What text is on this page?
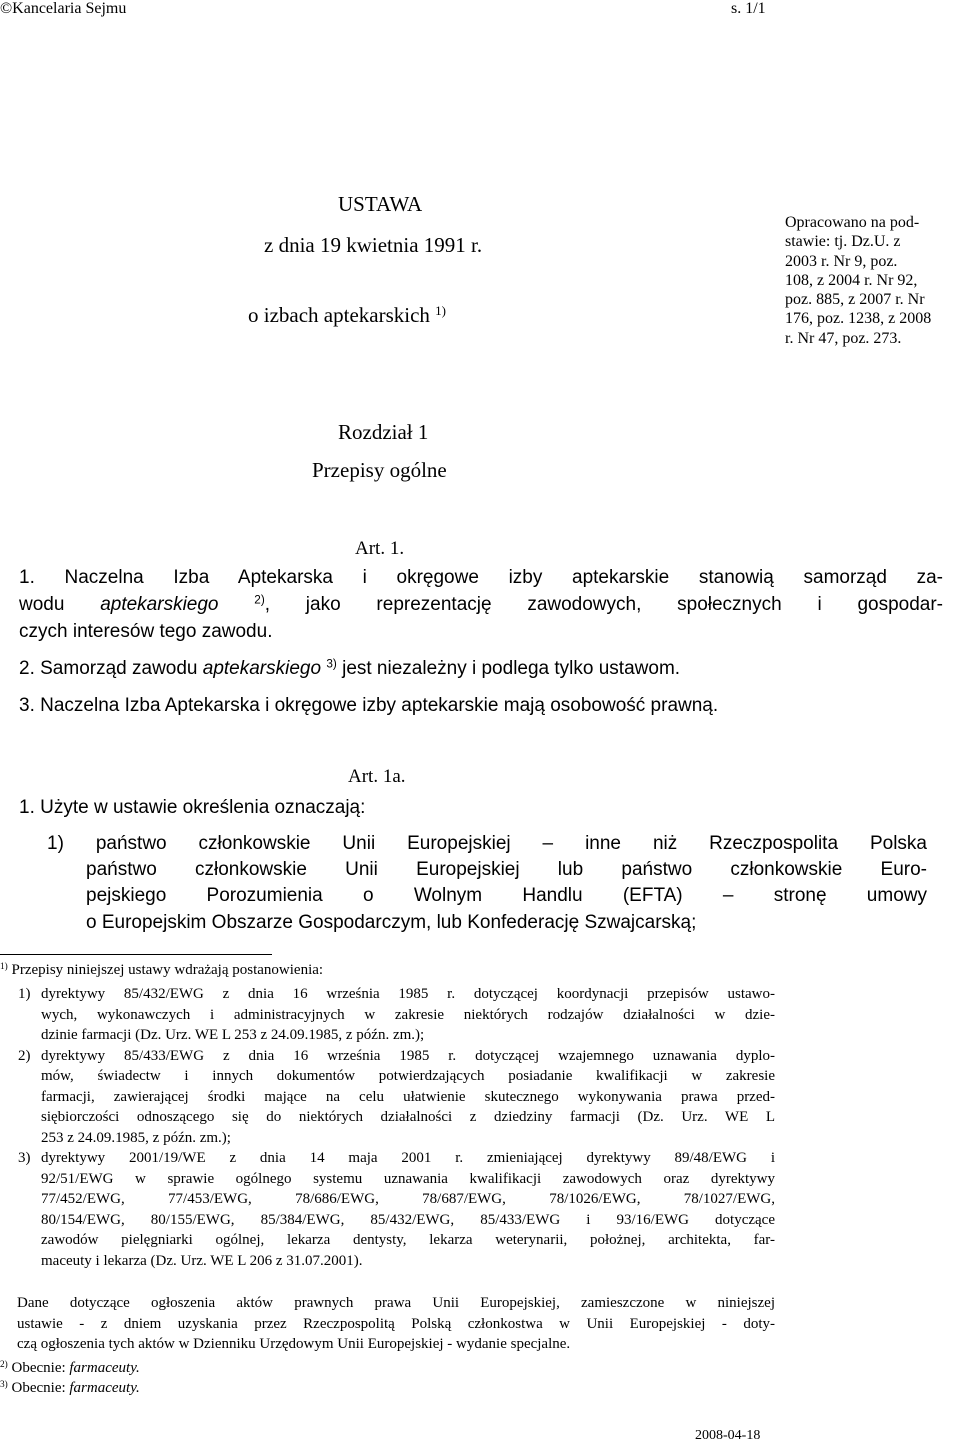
©Kancelaria Sejmu	s. 1/1
USTAWA
z dnia 19 kwietnia 1991 r.
o izbach aptekarskich $^{1)}$
Opracowano na pod-
stawie: tj. Dz.U. z
2003 r. Nr 9, poz.
108, z 2004 r. Nr 92,
poz. 885, z 2007 r. Nr
176, poz. 1238, z 2008
r. Nr 47, poz. 273.
Rozdział 1
Przepisy ogólne
Art. 1.
1. Naczelna Izba Aptekarska i okręgowe izby aptekarskie stanowią samorząd za-
wodu aptekarskiego	$^{2)}$, jako reprezentację zawodowych, społecznych i gospodar-
czych interesów tego zawodu.
2. Samorząd zawodu aptekarskiego $^{3)}$ jest niezależny i podlega tylko ustawom.
3. Naczelna Izba Aptekarska i okręgowe izby aptekarskie mają osobowość prawną.
Art. 1a.
1. Użyte w ustawie określenia oznaczają:
1) państwo członkowskie Unii Europejskiej – inne niż Rzeczpospolita Polska
państwo członkowskie Unii Europejskiej lub państwo członkowskie Euro-
pejskiego Porozumienia o Wolnym Handlu (EFTA) – stronę umowy
o Europejskim Obszarze Gospodarczym, lub Konfederację Szwajcarską;
$^{1)}$ Przepisy niniejszej ustawy wdrażają postanowienia:
1) dyrektywy 85/432/EWG z dnia 16 września 1985 r. dotyczącej koordynacji przepisów ustawo-
wych, wykonawczych i administracyjnych w zakresie niektórych rodzajów działalności w dzie-
dzinie farmacji (Dz. Urz. WE L 253 z 24.09.1985, z późn. zm.);
2) dyrektywy 85/433/EWG z dnia 16 września 1985 r. dotyczącej wzajemnego uznawania dyplo-
mów, świadectw i innych dokumentów potwierdzających posiadanie kwalifikacji w zakresie
farmacji, zawierającej środki mające na celu ułatwienie skutecznego wykonywania prawa przed-
siębiorczości odnoszącego się do niektórych działalności z dziedziny farmacji (Dz. Urz. WE L
253 z 24.09.1985, z późn. zm.);
3) dyrektywy 2001/19/WE z dnia 14 maja 2001 r. zmieniającej dyrektywy 89/48/EWG i
92/51/EWG w sprawie ogólnego systemu uznawania kwalifikacji zawodowych oraz dyrektywy
77/452/EWG, 77/453/EWG, 78/686/EWG, 78/687/EWG, 78/1026/EWG, 78/1027/EWG,
80/154/EWG, 80/155/EWG, 85/384/EWG, 85/432/EWG, 85/433/EWG i 93/16/EWG dotyczące
zawodów pielęgniarki ogólnej, lekarza dentysty, lekarza weterynarii, położnej, architekta, far-
maceuty i lekarza (Dz. Urz. WE L 206 z 31.07.2001).
Dane dotyczące ogłoszenia aktów prawnych prawa Unii Europejskiej, zamieszczone w niniejszej
ustawie - z dniem uzyskania przez Rzeczpospolitą Polską członkostwa w Unii Europejskiej - doty-
czą ogłoszenia tych aktów w Dzienniku Urzędowym Unii Europejskiej - wydanie specjalne.
$^{2)}$ Obecnie: farmaceuty.
$^{3)}$ Obecnie: farmaceuty.
2008-04-18
